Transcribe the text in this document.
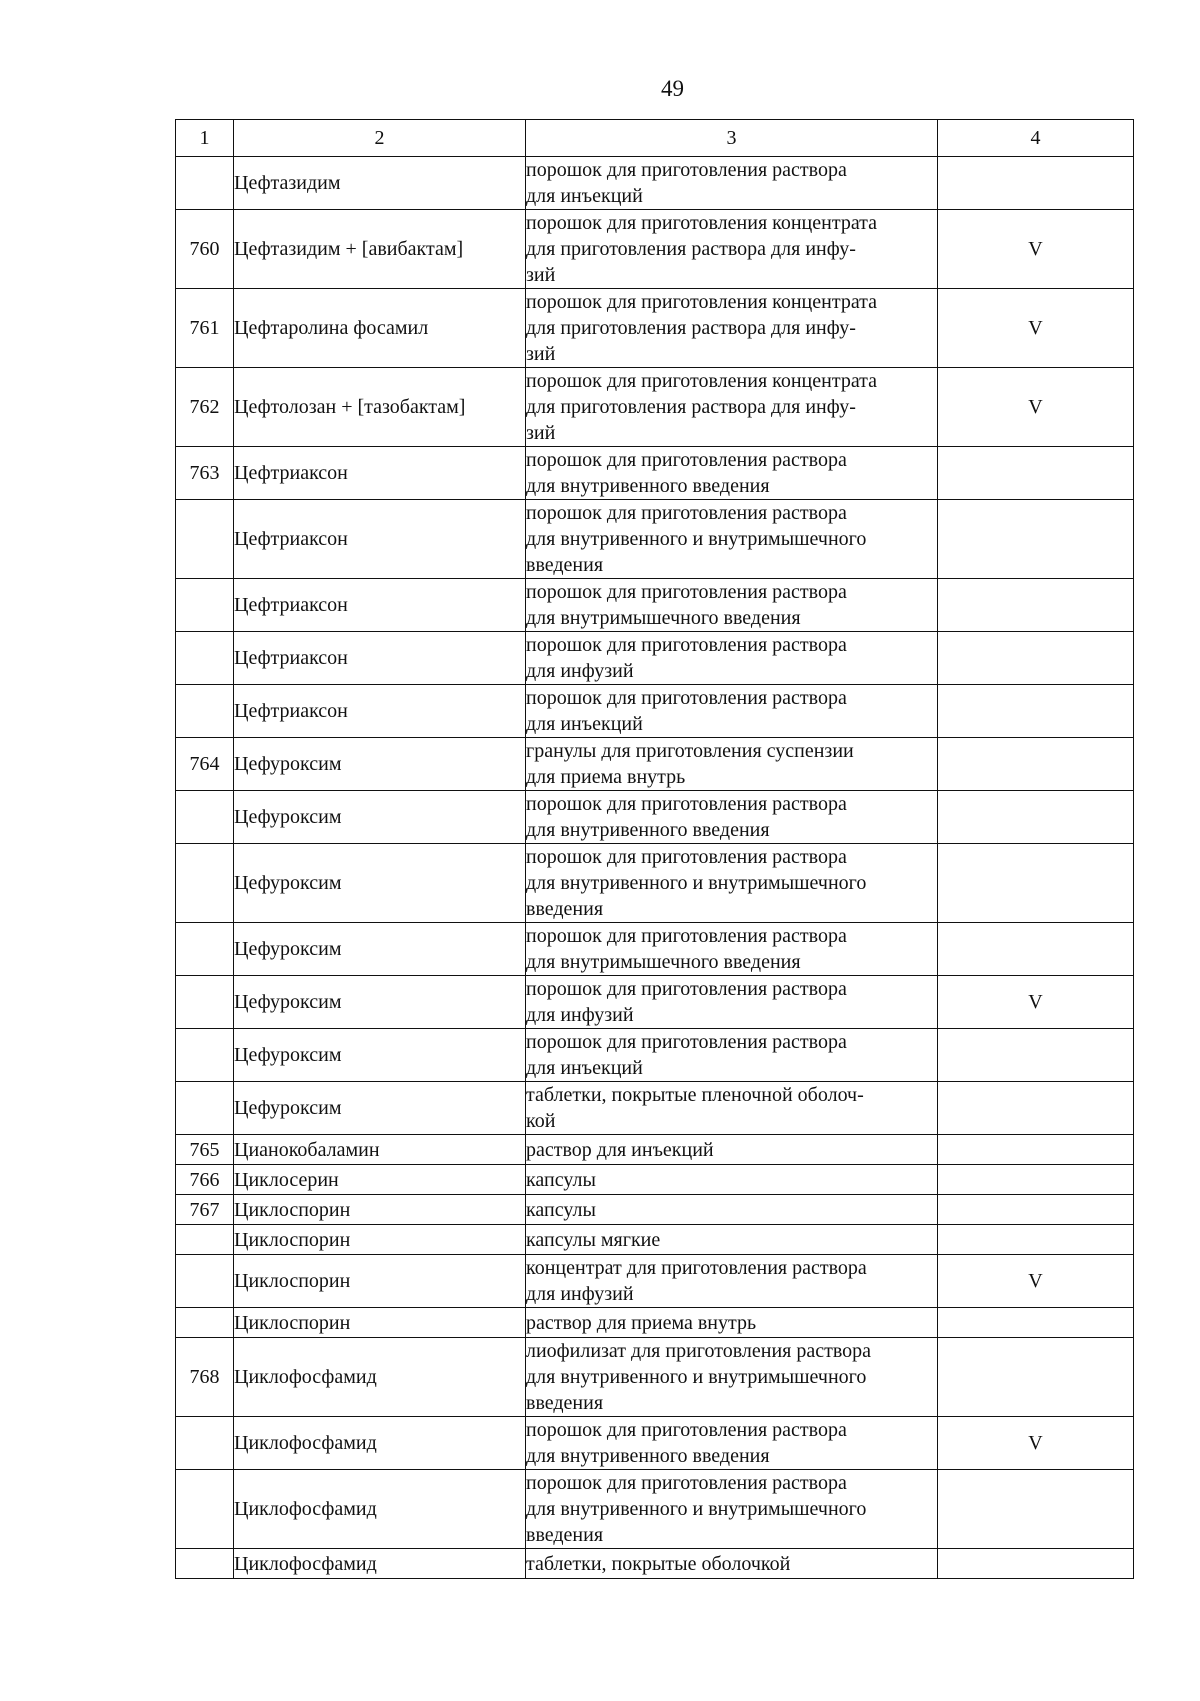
49
1	2	3	4
	Цефтазидим	порошок для приготовления раствора
для инъекций	

760	Цефтазидим + [авибактам]	порошок для приготовления концентрата
для приготовления раствора для инфу-
зий	V
761	Цефтаролина фосамил	порошок для приготовления концентрата
для приготовления раствора для инфу-
зий	V
762	Цефтолозан + [тазобактам]	порошок для приготовления концентрата
для приготовления раствора для инфу-
зий	V
763	Цефтриаксон	порошок для приготовления раствора
для внутривенного введения	

	Цефтриаксон	порошок для приготовления раствора
для внутривенного и внутримышечного
введения	

	Цефтриаксон	порошок для приготовления раствора
для внутримышечного введения	

	Цефтриаксон	порошок для приготовления раствора
для инфузий	

	Цефтриаксон	порошок для приготовления раствора
для инъекций	

764	Цефуроксим	гранулы для приготовления суспензии
для приема внутрь	

	Цефуроксим	порошок для приготовления раствора
для внутривенного введения	

	Цефуроксим	порошок для приготовления раствора
для внутривенного и внутримышечного
введения	

	Цефуроксим	порошок для приготовления раствора
для внутримышечного введения	

	Цефуроксим	порошок для приготовления раствора
для инфузий	V
	Цефуроксим	порошок для приготовления раствора
для инъекций	

	Цефуроксим	таблетки, покрытые пленочной оболоч-
кой	

765	Цианокобаламин	раствор для инъекций	

766	Циклосерин	капсулы	

767	Циклоспорин	капсулы	

	Циклоспорин	капсулы мягкие	

	Циклоспорин	концентрат для приготовления раствора
для инфузий	V
	Циклоспорин	раствор для приема внутрь	

768	Циклофосфамид	лиофилизат для приготовления раствора
для внутривенного и внутримышечного
введения	

	Циклофосфамид	порошок для приготовления раствора
для внутривенного введения	V
	Циклофосфамид	порошок для приготовления раствора
для внутривенного и внутримышечного
введения	

	Циклофосфамид	таблетки, покрытые оболочкой	
